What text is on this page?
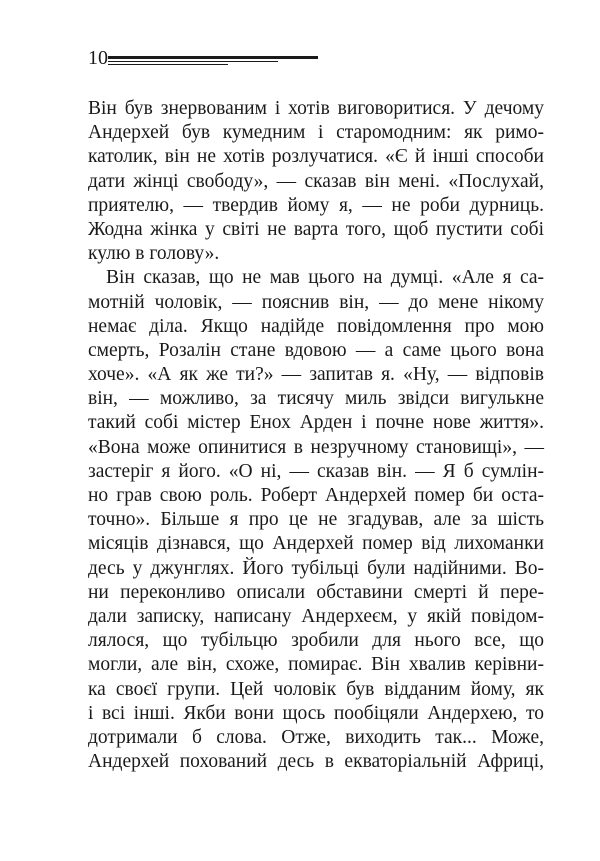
10
Він був знервованим і хотів виговоритися. У дечому
Андерхей був кумедним і старомодним: як римо-
католик, він не хотів розлучатися. «Є й інші способи
дати жінці свободу», — сказав він мені. «Послухай,
приятелю, — твердив йому я, — не роби дурниць.
Жодна жінка у світі не варта того, щоб пустити собі
кулю в голову».
Він сказав, що не мав цього на думці. «Але я са-
мотній чоловік, — пояснив він, — до мене нікому
немає діла. Якщо надійде повідомлення про мою
смерть, Розалін стане вдовою — а саме цього вона
хоче». «А як же ти?» — запитав я. «Ну, — відповів
він, — можливо, за тисячу миль звідси вигулькне
такий собі містер Енох Арден і почне нове життя».
«Вона може опинитися в незручному становищі», —
застеріг я його. «О ні, — сказав він. — Я б сумлін-
но грав свою роль. Роберт Андерхей помер би оста-
точно». Більше я про це не згадував, але за шість
місяців дізнався, що Андерхей помер від лихоманки
десь у джунглях. Його тубільці були надійними. Во-
ни переконливо описали обставини смерті й пере-
дали записку, написану Андерхеєм, у якій повідом-
лялося, що тубільцю зробили для нього все, що
могли, але він, схоже, помирає. Він хвалив керівни-
ка своєї групи. Цей чоловік був відданим йому, як
і всі інші. Якби вони щось пообіцяли Андерхею, то
дотримали б слова. Отже, виходить так... Може,
Андерхей похований десь в екваторіальній Африці,
